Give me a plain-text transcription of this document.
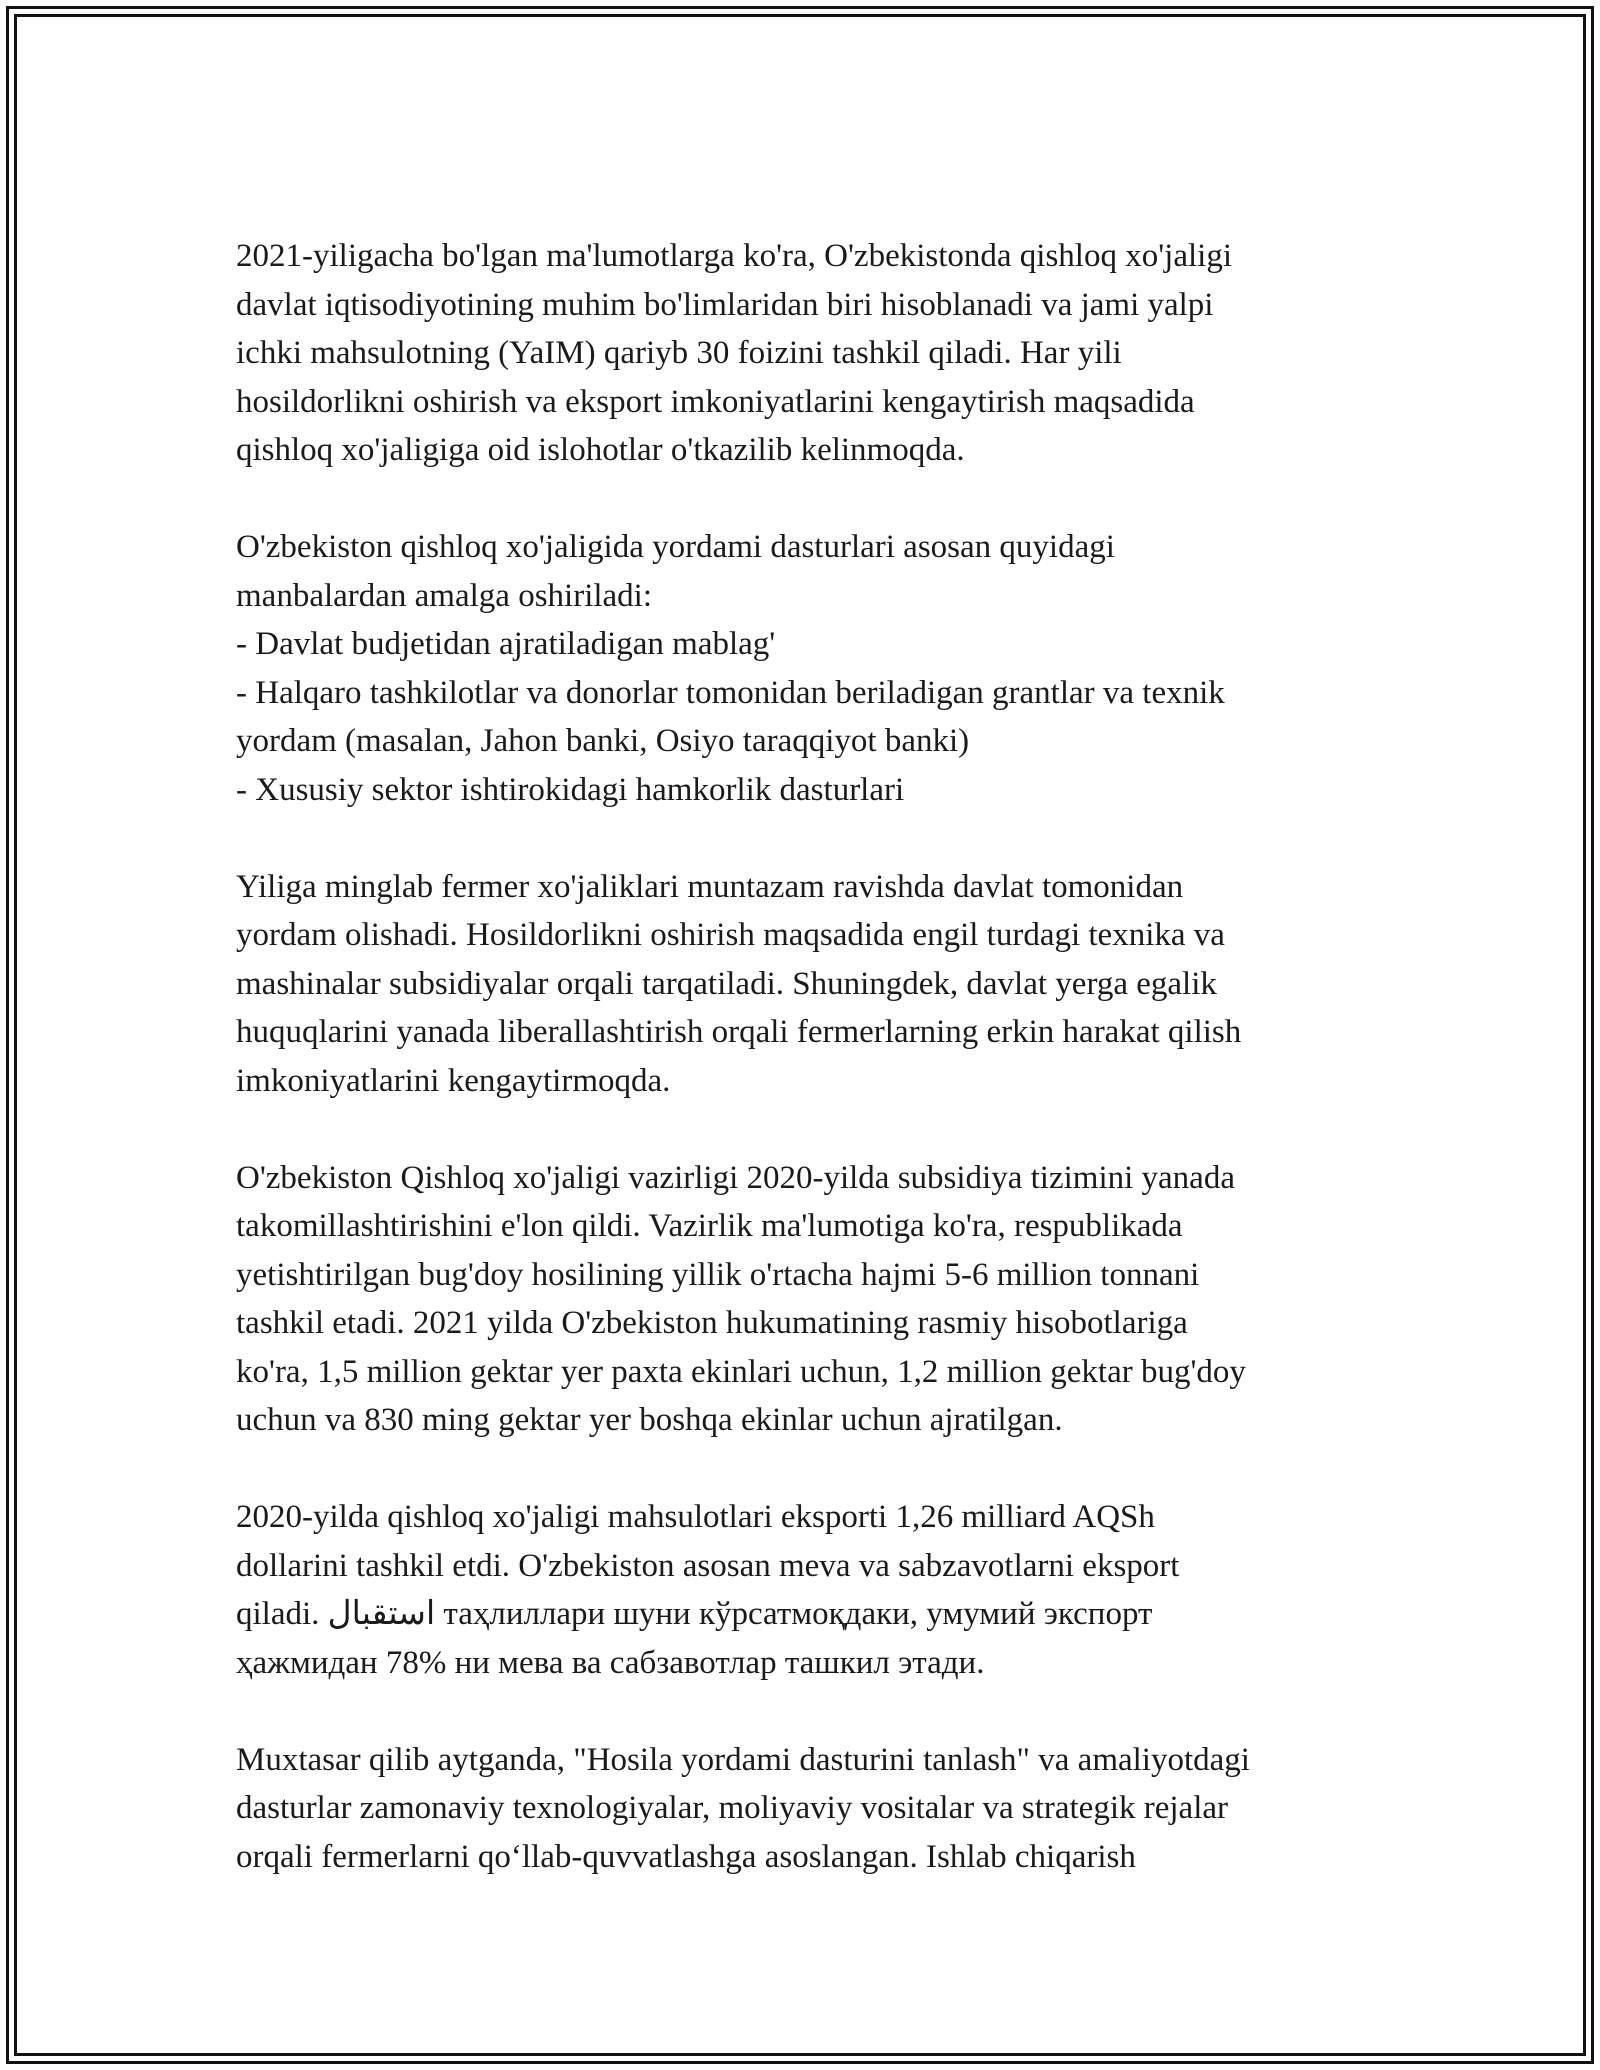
2021-yiligacha bo'lgan ma'lumotlarga ko'ra, O'zbekistonda qishloq xo'jaligi
davlat iqtisodiyotining muhim bo'limlaridan biri hisoblanadi va jami yalpi
ichki mahsulotning (YaIM) qariyb 30 foizini tashkil qiladi. Har yili
hosildorlikni oshirish va eksport imkoniyatlarini kengaytirish maqsadida
qishloq xo'jaligiga oid islohotlar o'tkazilib kelinmoqda.

O'zbekiston qishloq xo'jaligida yordami dasturlari asosan quyidagi
manbalardan amalga oshiriladi:
- Davlat budjetidan ajratiladigan mablag'
- Halqaro tashkilotlar va donorlar tomonidan beriladigan grantlar va texnik
yordam (masalan, Jahon banki, Osiyo taraqqiyot banki)
- Xususiy sektor ishtirokidagi hamkorlik dasturlari

Yiliga minglab fermer xo'jaliklari muntazam ravishda davlat tomonidan
yordam olishadi. Hosildorlikni oshirish maqsadida engil turdagi texnika va
mashinalar subsidiyalar orqali tarqatiladi. Shuningdek, davlat yerga egalik
huquqlarini yanada liberallashtirish orqali fermerlarning erkin harakat qilish
imkoniyatlarini kengaytirmoqda.

O'zbekiston Qishloq xo'jaligi vazirligi 2020-yilda subsidiya tizimini yanada
takomillashtirishini e'lon qildi. Vazirlik ma'lumotiga ko'ra, respublikada
yetishtirilgan bug'doy hosilining yillik o'rtacha hajmi 5-6 million tonnani
tashkil etadi. 2021 yilda O'zbekiston hukumatining rasmiy hisobotlariga
ko'ra, 1,5 million gektar yer paxta ekinlari uchun, 1,2 million gektar bug'doy
uchun va 830 ming gektar yer boshqa ekinlar uchun ajratilgan.

2020-yilda qishloq xo'jaligi mahsulotlari eksporti 1,26 milliard AQSh
dollarini tashkil etdi. O'zbekiston asosan meva va sabzavotlarni eksport
qiladi. استقبال таҳлиллари шуни кўрсатмоқдаки, умумий экспорт
ҳажмидан 78% ни мева ва сабзавотлар ташкил этади.

Muxtasar qilib aytganda, "Hosila yordami dasturini tanlash" va amaliyotdagi
dasturlar zamonaviy texnologiyalar, moliyaviy vositalar va strategik rejalar
orqali fermerlarni qoʻllab-quvvatlashga asoslangan. Ishlab chiqarish
